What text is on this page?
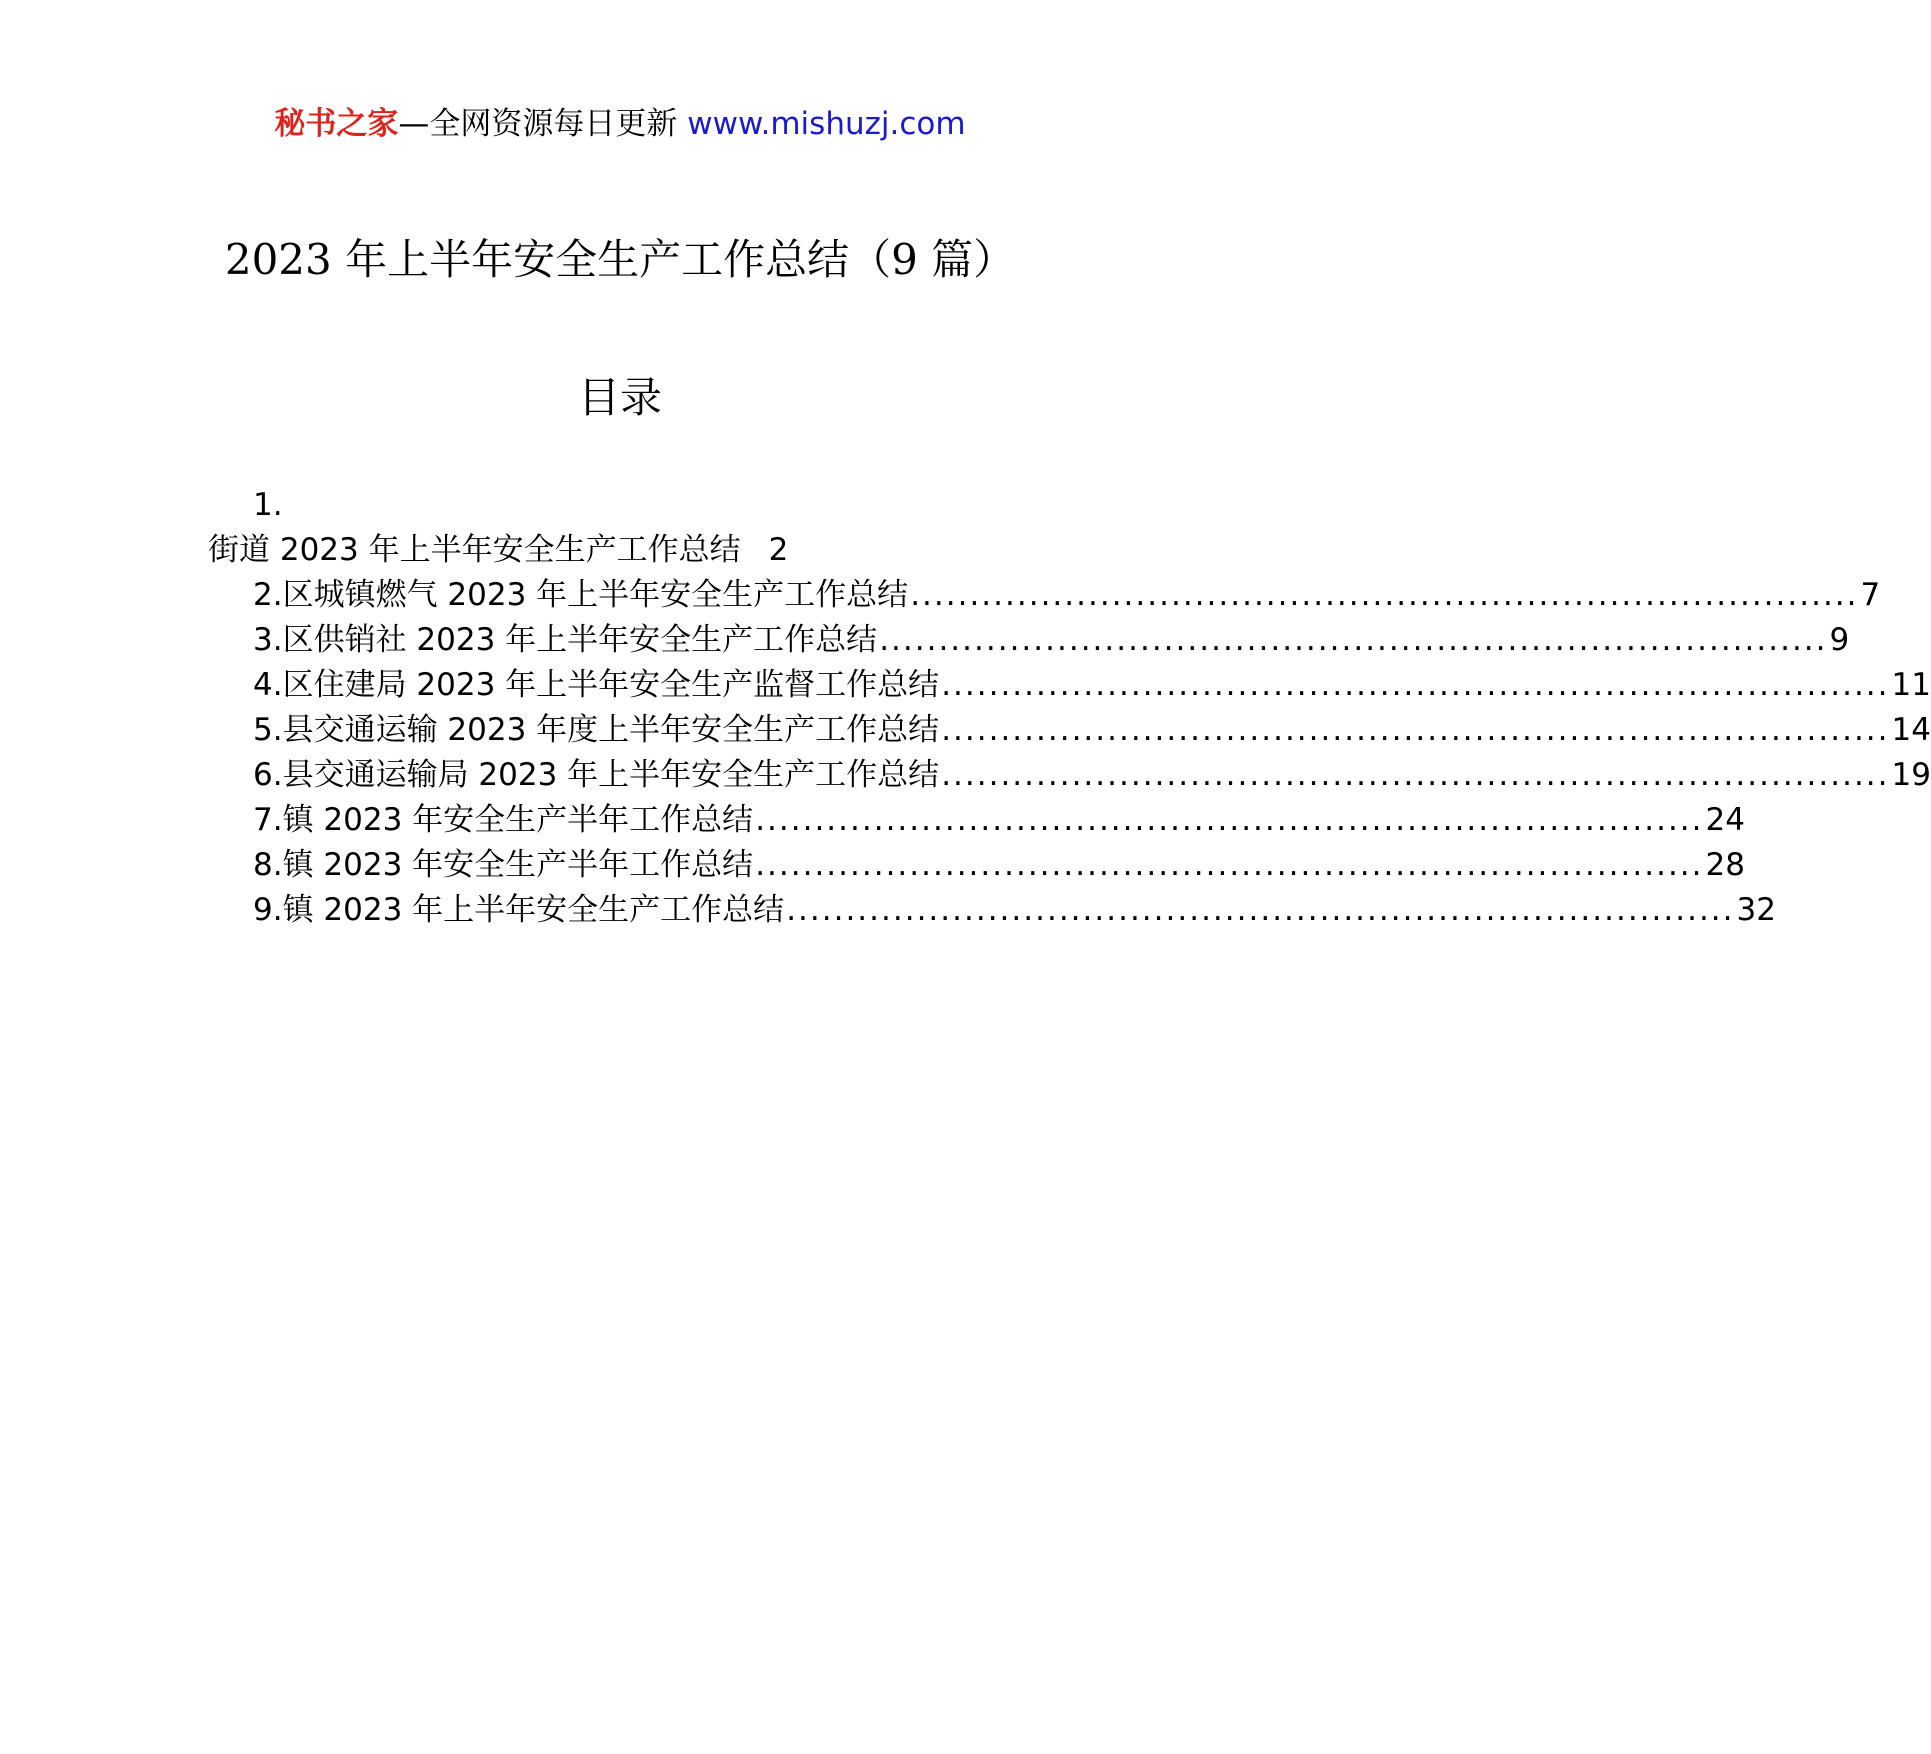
秘书之家—全网资源每日更新 www.mishuzj.com
2023 年上半年安全生产工作总结（9 篇）
目录
1.
街道 2023 年上半年安全生产工作总结 2
2.区城镇燃气 2023 年上半年安全生产工作总结 ................................................................................ 7
3.区供销社 2023 年上半年安全生产工作总结 ................................................................................ 9
4.区住建局 2023 年上半年安全生产监督工作总结 ................................................................................ 11
5.县交通运输 2023 年度上半年安全生产工作总结 ................................................................................ 14
6.县交通运输局 2023 年上半年安全生产工作总结 ................................................................................ 19
7.镇 2023 年安全生产半年工作总结 ................................................................................ 24
8.镇 2023 年安全生产半年工作总结 ................................................................................ 28
9.镇 2023 年上半年安全生产工作总结 ................................................................................ 32
